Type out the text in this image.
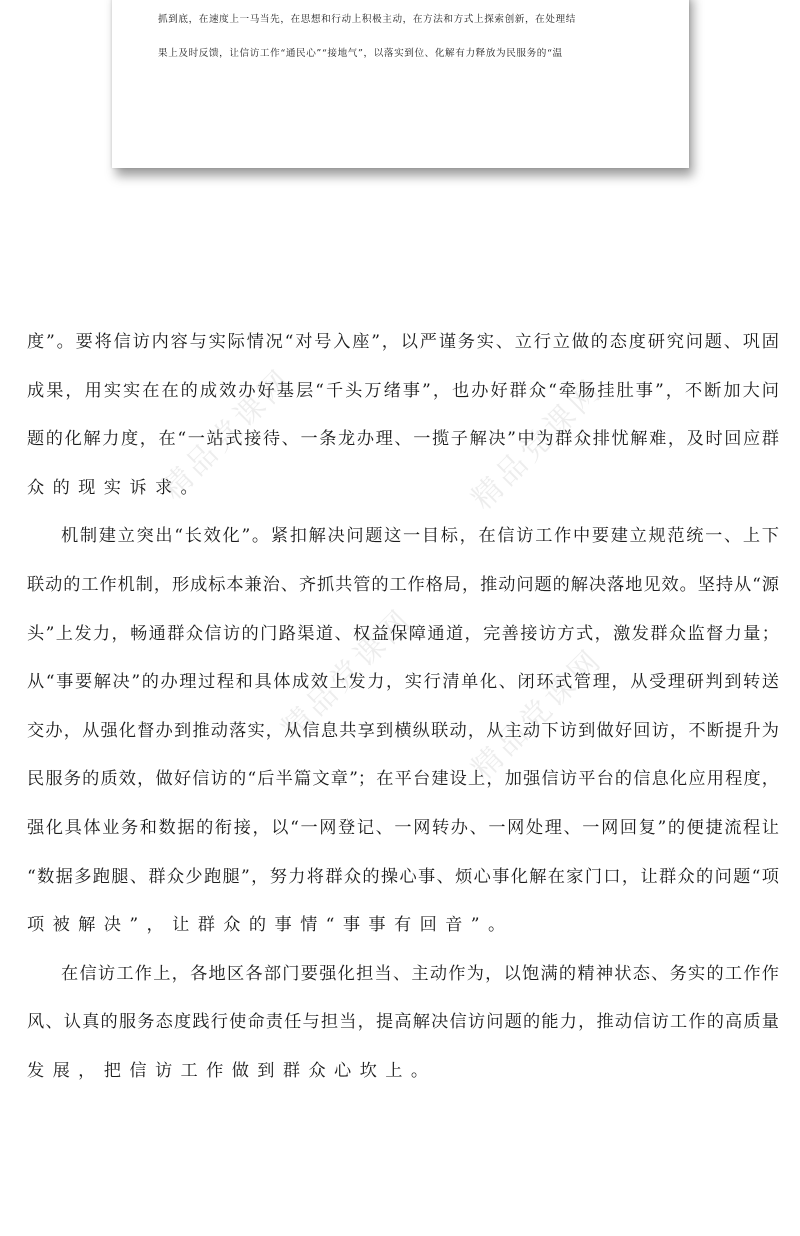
精品党课网	精品党课网
精品党课网 精品党课网
抓到底，在速度上一马当先，在思想和行动上积极主动，在方法和方式上探索创新，在处理结
果上及时反馈，让信访工作“通民心”“接地气”，以落实到位、化解有力释放为民服务的“温
度”。要将信访内容与实际情况“对号入座”，以严谨务实、立行立做的态度研究问题、巩固
成果，用实实在在的成效办好基层“千头万绪事”，也办好群众“牵肠挂肚事”，不断加大问
题的化解力度，在“一站式接待、一条龙办理、一揽子解决”中为群众排忧解难，及时回应群
众的现实诉求。
机制建立突出“长效化”。紧扣解决问题这一目标，在信访工作中要建立规范统一、上下
联动的工作机制，形成标本兼治、齐抓共管的工作格局，推动问题的解决落地见效。坚持从“源
头”上发力，畅通群众信访的门路渠道、权益保障通道，完善接访方式，激发群众监督力量；
从“事要解决”的办理过程和具体成效上发力，实行清单化、闭环式管理，从受理研判到转送
交办，从强化督办到推动落实，从信息共享到横纵联动，从主动下访到做好回访，不断提升为
民服务的质效，做好信访的“后半篇文章”；在平台建设上，加强信访平台的信息化应用程度，
强化具体业务和数据的衔接，以“一网登记、一网转办、一网处理、一网回复”的便捷流程让
“数据多跑腿、群众少跑腿”，努力将群众的操心事、烦心事化解在家门口，让群众的问题“项
项被解决”，让群众的事情“事事有回音”。
在信访工作上，各地区各部门要强化担当、主动作为，以饱满的精神状态、务实的工作作
风、认真的服务态度践行使命责任与担当，提高解决信访问题的能力，推动信访工作的高质量
发展，把信访工作做到群众心坎上。
